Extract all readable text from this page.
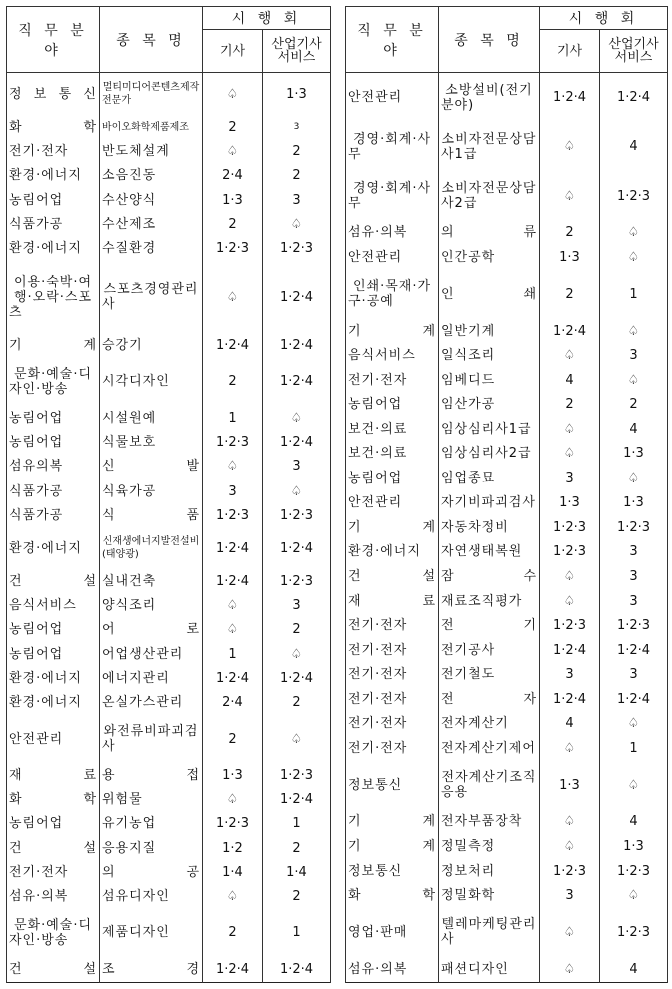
직 무 분 야	종 목 명	시 행 회	
		기사	산업기사
서비스
정 보 통 신	멀티미디어콘텐츠제작전문가	♤	1·3
화 학	바이오화학제품제조	2	3
전기·전자	반도체설계	♤	2
환경·에너지	소음진동	2·4	2
농림어업	수산양식	1·3	3
식품가공	수산제조	2	♤
환경·에너지	수질환경	1·2·3	1·2·3
이용·숙박·여행·오락·스포츠	스포츠경영관리사	♤	1·2·4
기 계	승강기	1·2·4	1·2·4
문화·예술·디자인·방송	시각디자인	2	1·2·4
농림어업	시설원예	1	♤
농림어업	식물보호	1·2·3	1·2·4
섬유의복	신 발	♤	3
식품가공	식육가공	3	♤
식품가공	식 품	1·2·3	1·2·3
환경·에너지	신재생에너지발전설비(태양광)	1·2·4	1·2·4
건 설	실내건축	1·2·4	1·2·3
음식서비스	양식조리	♤	3
농림어업	어 로	♤	2
농림어업	어업생산관리	1	♤
환경·에너지	에너지관리	1·2·4	1·2·4
환경·에너지	온실가스관리	2·4	2
안전관리	와전류비파괴검사	2	♤
재 료	용 접	1·3	1·2·3
화 학	위험물	♤	1·2·4
농림어업	유기농업	1·2·3	1
건 설	응용지질	1·2	2
전기·전자	의 공	1·4	1·4
섬유·의복	섬유디자인	♤	2
문화·예술·디자인·방송	제품디자인	2	1
건 설	조 경	1·2·4	1·2·4
직 무 분 야	종 목 명	시 행 회	
		기사	산업기사
서비스
안전관리	소방설비(전기분야)	1·2·4	1·2·4
경영·회계·사무	소비자전문상담사1급	♤	4
경영·회계·사무	소비자전문상담사2급	♤	1·2·3
섬유·의복	의 류	2	♤
안전관리	인간공학	1·3	♤
인쇄·목재·가구·공예	인 쇄	2	1
기 계	일반기계	1·2·4	♤
음식서비스	일식조리	♤	3
전기·전자	임베디드	4	♤
농림어업	임산가공	2	2
보건·의료	임상심리사1급	♤	4
보건·의료	임상심리사2급	♤	1·3
농림어업	임업종묘	3	♤
안전관리	자기비파괴검사	1·3	1·3
기 계	자동차정비	1·2·3	1·2·3
환경·에너지	자연생태복원	1·2·3	3
건 설	잠 수	♤	3
재 료	재료조직평가	♤	3
전기·전자	전 기	1·2·3	1·2·3
전기·전자	전기공사	1·2·4	1·2·4
전기·전자	전기철도	3	3
전기·전자	전 자	1·2·4	1·2·4
전기·전자	전자계산기	4	♤
전기·전자	전자계산기제어	♤	1
정보통신	전자계산기조직응용	1·3	♤
기 계	전자부품장착	♤	4
기 계	정밀측정	♤	1·3
정보통신	정보처리	1·2·3	1·2·3
화 학	정밀화학	3	♤
영업·판매	텔레마케팅관리사	♤	1·2·3
섬유·의복	패션디자인	♤	4
